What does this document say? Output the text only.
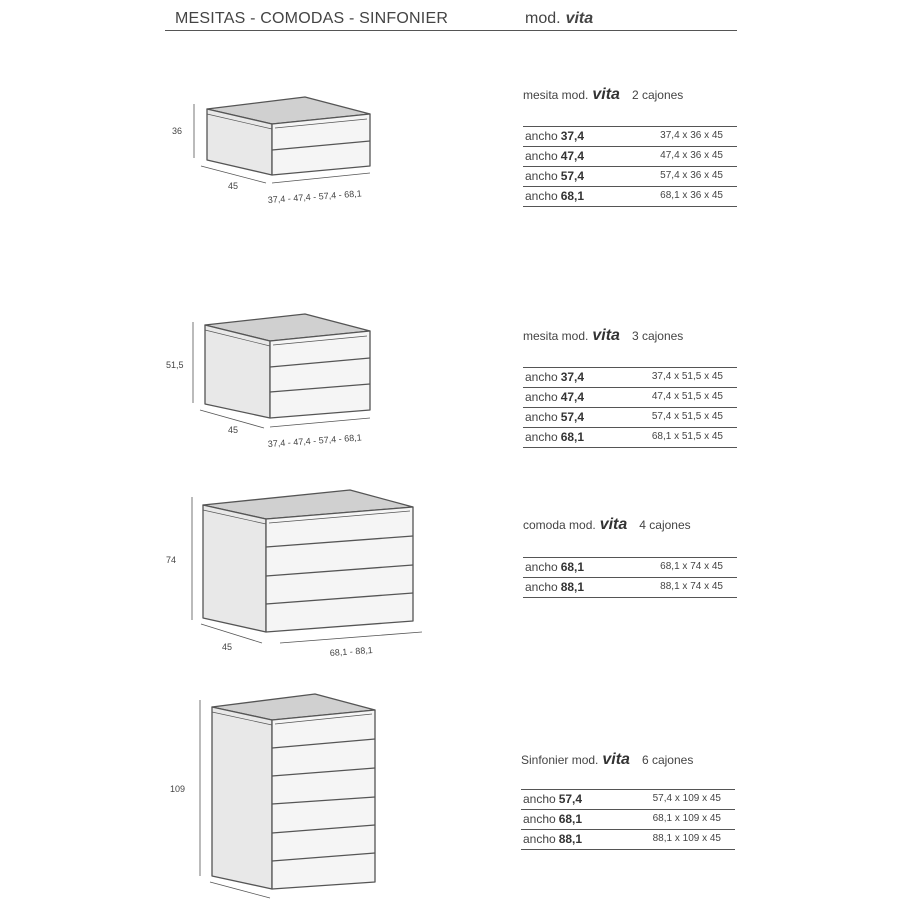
MESITAS - COMODAS - SINFONIER	mod. vita
36
45
37,4 - 47,4 - 57,4 - 68,1
51,5
45
37,4 - 47,4 - 57,4 - 68,1
74
45	68,1 - 88,1
109
mesita mod. vita 2 cajones
ancho 37,4	37,4 x 36 x 45
ancho 47,4	47,4 x 36 x 45
ancho 57,4	57,4 x 36 x 45
ancho 68,1	68,1 x 36 x 45
mesita mod. vita 3 cajones
ancho 37,4	37,4 x 51,5 x 45
ancho 47,4	47,4 x 51,5 x 45
ancho 57,4	57,4 x 51,5 x 45
ancho 68,1	68,1 x 51,5 x 45
comoda mod. vita 4 cajones
ancho 68,1	68,1 x 74 x 45
ancho 88,1	88,1 x 74 x 45
Sinfonier mod. vita 6 cajones
ancho 57,4	57,4 x 109 x 45
ancho 68,1	68,1 x 109 x 45
ancho 88,1	88,1 x 109 x 45
